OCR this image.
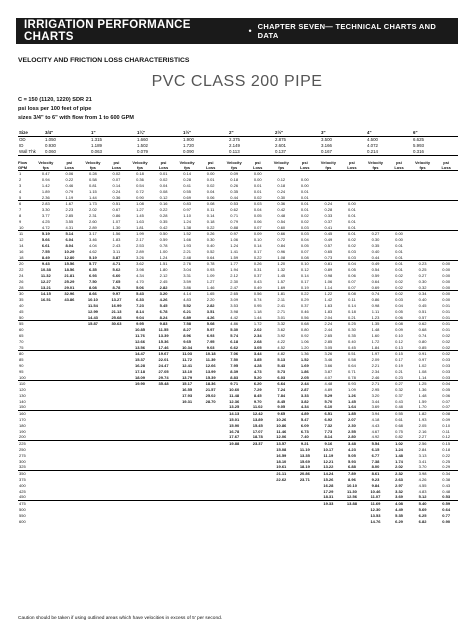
IRRIGATION PERFORMANCE CHARTS	• CHAPTER SEVEN— TECHNICAL CHARTS AND DATA
VELOCITY AND FRICTION LOSS CHARACTERISTICS
PVC CLASS 200 PIPE
C = 150 (1120, 1220) SDR 21
psi loss per 100 feet of pipe
sizes 3/4" to 6" with flow from 1 to 600 GPM
Size	3/4"	1"	1¼"	1½"	2"	2½"	3"	4"	6"
OD	1.050	1.315	1.660	1.900	2.375	2.875	3.500	4.500	6.625
ID	0.930	1.189	1.502	1.720	2.149	2.601	3.166	4.072	5.993
Wall Thk	0.060	0.063	0.079	0.090	0.113	0.137	0.167	0.214	0.316
Flow	Velocity	psi	Velocity	psi	Velocity	psi	Velocity	psi	Velocity	psi	Velocity	psi	Velocity	psi	Velocity	psi	Velocity	psi
GPM	fps	Loss	fps	Loss	fps	Loss	fps	Loss	fps	Loss	fps	Loss	fps	Loss	fps	Loss	fps	Loss
1	0.47	0.06	0.28	0.02	0.18	0.01	0.14	0.00	0.09	0.00								
2	0.94	0.22	0.58	0.07	0.36	0.02	0.28	0.01	0.18	0.00	0.12	0.00						
3	1.42	0.46	0.81	0.14	0.54	0.04	0.41	0.02	0.26	0.01	0.18	0.00						
4	1.89	0.79	1.15	0.24	0.72	0.08	0.55	0.04	0.35	0.01	0.24	0.01						
5	2.36	1.19	1.44	0.36	0.90	0.12	0.69	0.06	0.44	0.02	0.30	0.01						
6	2.83	1.67	1.73	0.51	1.08	0.16	0.83	0.08	0.53	0.03	0.36	0.01	0.24	0.00				
7	3.30	2.23	2.02	0.67	1.27	0.22	0.97	0.11	0.62	0.04	0.42	0.01	0.28	0.01				
8	3.77	2.85	2.31	0.86	1.45	0.28	1.10	0.14	0.71	0.05	0.48	0.02	0.33	0.01				
9	4.25	3.55	2.60	1.07	1.63	0.35	1.24	0.18	0.79	0.06	0.54	0.02	0.37	0.01				
10	4.72	4.31	2.89	1.30	1.81	0.42	1.38	0.22	0.88	0.07	0.60	0.03	0.41	0.01				
11	5.19	5.14	3.17	1.56	1.99	0.50	1.52	0.26	0.97	0.09	0.66	0.03	0.45	0.01	0.27	0.00		
12	5.66	6.04	3.46	1.83	2.17	0.59	1.66	0.30	1.06	0.10	0.72	0.04	0.49	0.02	0.30	0.00		
14	6.61	8.04	4.04	2.43	2.53	0.78	1.93	0.40	1.24	0.14	0.84	0.05	0.57	0.02	0.35	0.01		
16	7.55	10.29	4.62	3.11	2.89	1.00	2.21	0.52	1.41	0.17	0.96	0.07	0.65	0.03	0.40	0.01		
18	8.49	12.80	5.19	3.87	3.26	1.24	2.48	0.64	1.59	0.22	1.08	0.08	0.73	0.03	0.44	0.01		
20	9.43	15.56	5.77	4.71	3.62	1.51	2.76	0.78	1.77	0.26	1.20	0.10	0.81	0.04	0.49	0.01	0.23	0.00
22	10.38	18.56	6.35	5.62	3.98	1.80	3.04	0.93	1.94	0.31	1.32	0.12	0.89	0.05	0.54	0.01	0.25	0.00
24	11.32	21.81	6.93	6.60	4.34	2.12	3.31	1.09	2.12	0.37	1.45	0.14	0.98	0.06	0.59	0.02	0.27	0.00
26	12.27	25.29	7.50	7.65	4.70	2.45	3.59	1.27	2.30	0.43	1.57	0.17	1.06	0.07	0.64	0.02	0.30	0.00
28	13.21	29.01	8.08	8.78	5.06	2.82	3.86	1.46	2.47	0.49	1.69	0.19	1.14	0.07	0.69	0.02	0.32	0.00
30	14.15	32.96	8.66	9.97	5.43	3.20	4.14	1.65	2.65	0.56	1.81	0.22	1.22	0.08	0.74	0.02	0.34	0.00
35	16.51	43.86	10.10	13.27	6.33	4.26	4.83	2.20	3.09	0.74	2.11	0.29	1.42	0.11	0.86	0.03	0.40	0.00
40			11.54	16.99	7.23	5.45	5.52	2.82	3.53	0.95	2.41	0.37	1.63	0.14	0.98	0.04	0.45	0.01
45			12.99	21.13	8.14	6.78	6.21	3.51	3.98	1.18	2.71	0.46	1.83	0.18	1.11	0.05	0.51	0.01
50			14.43	25.68	9.04	8.24	6.89	4.26	4.42	1.44	3.01	0.56	2.04	0.21	1.23	0.06	0.57	0.01
55			15.87	30.63	9.95	9.83	7.58	5.08	4.86	1.72	3.32	0.68	2.24	0.25	1.35	0.08	0.62	0.01
60					10.85	11.55	8.27	5.97	5.30	2.02	3.62	0.80	2.44	0.30	1.48	0.09	0.68	0.01
65					11.76	13.39	8.96	6.93	5.74	2.34	3.92	0.92	2.65	0.35	1.60	0.10	0.74	0.02
70					12.66	15.36	9.65	7.95	6.18	2.68	4.22	1.06	2.85	0.40	1.72	0.12	0.80	0.02
75					13.56	17.46	10.34	9.03	6.62	3.05	4.52	1.20	3.05	0.45	1.84	0.13	0.85	0.02
80					14.47	19.67	11.03	10.18	7.06	3.44	4.82	1.36	3.26	0.51	1.97	0.15	0.91	0.02
85					15.37	22.01	11.72	11.39	7.50	3.85	5.13	1.52	3.46	0.58	2.09	0.17	0.97	0.03
90					16.28	24.47	12.41	12.66	7.95	4.28	5.43	1.69	3.66	0.64	2.21	0.19	1.02	0.03
95					17.18	27.05	13.10	13.99	8.39	4.73	5.73	1.86	3.87	0.71	2.34	0.21	1.08	0.03
100					18.09	29.74	13.79	15.39	8.83	5.20	6.03	2.05	4.07	0.78	2.46	0.23	1.14	0.03
110					19.90	35.48	15.17	18.36	9.71	6.20	6.64	2.44	4.48	0.93	2.71	0.27	1.25	0.04
120							16.55	21.57	10.60	7.29	7.24	2.87	4.89	1.09	2.95	0.32	1.36	0.05
130							17.93	25.02	11.48	8.45	7.84	3.33	5.29	1.26	3.20	0.37	1.48	0.06
140							19.31	28.70	12.36	9.70	8.45	3.82	5.70	1.45	3.44	0.43	1.59	0.07
150									13.25	11.02	9.05	4.34	6.10	1.64	3.69	0.48	1.70	0.07
160									14.13	12.42	9.65	4.89	6.51	1.85	3.94	0.55	1.82	0.08
170									15.01	13.89	10.26	5.47	6.92	2.07	4.18	0.61	1.93	0.09
180									15.90	15.45	10.86	6.09	7.32	2.30	4.43	0.68	2.05	0.10
190									16.78	17.07	11.46	6.73	7.73	2.55	4.67	0.75	2.16	0.11
200									17.67	18.78	12.06	7.40	8.14	2.80	4.92	0.82	2.27	0.12
225									19.88	23.37	13.57	9.21	9.16	3.48	5.54	1.02	2.56	0.15
250											15.08	11.19	10.17	4.23	6.15	1.24	2.84	0.18
275											16.59	13.35	11.19	5.05	6.77	1.48	3.13	0.22
300											18.10	15.69	12.21	5.93	7.38	1.74	3.41	0.25
325											19.61	18.19	13.22	6.88	8.00	2.02	3.70	0.29
350											21.11	20.86	14.24	7.89	8.61	2.32	3.98	0.34
375											22.62	23.71	15.26	8.96	9.23	2.63	4.26	0.38
400													16.28	10.10	9.84	2.97	4.55	0.43
425													17.29	11.30	10.46	3.32	4.83	0.48
450													18.31	12.56	11.07	3.69	5.12	0.53
475													19.33	13.88	11.69	4.08	5.40	0.59
500															12.30	4.49	5.69	0.64
550															13.53	5.35	6.25	0.77
600															14.76	6.29	6.82	0.90
Caution should be taken if using outlined areas which have velocities in excess of 5' per second.
